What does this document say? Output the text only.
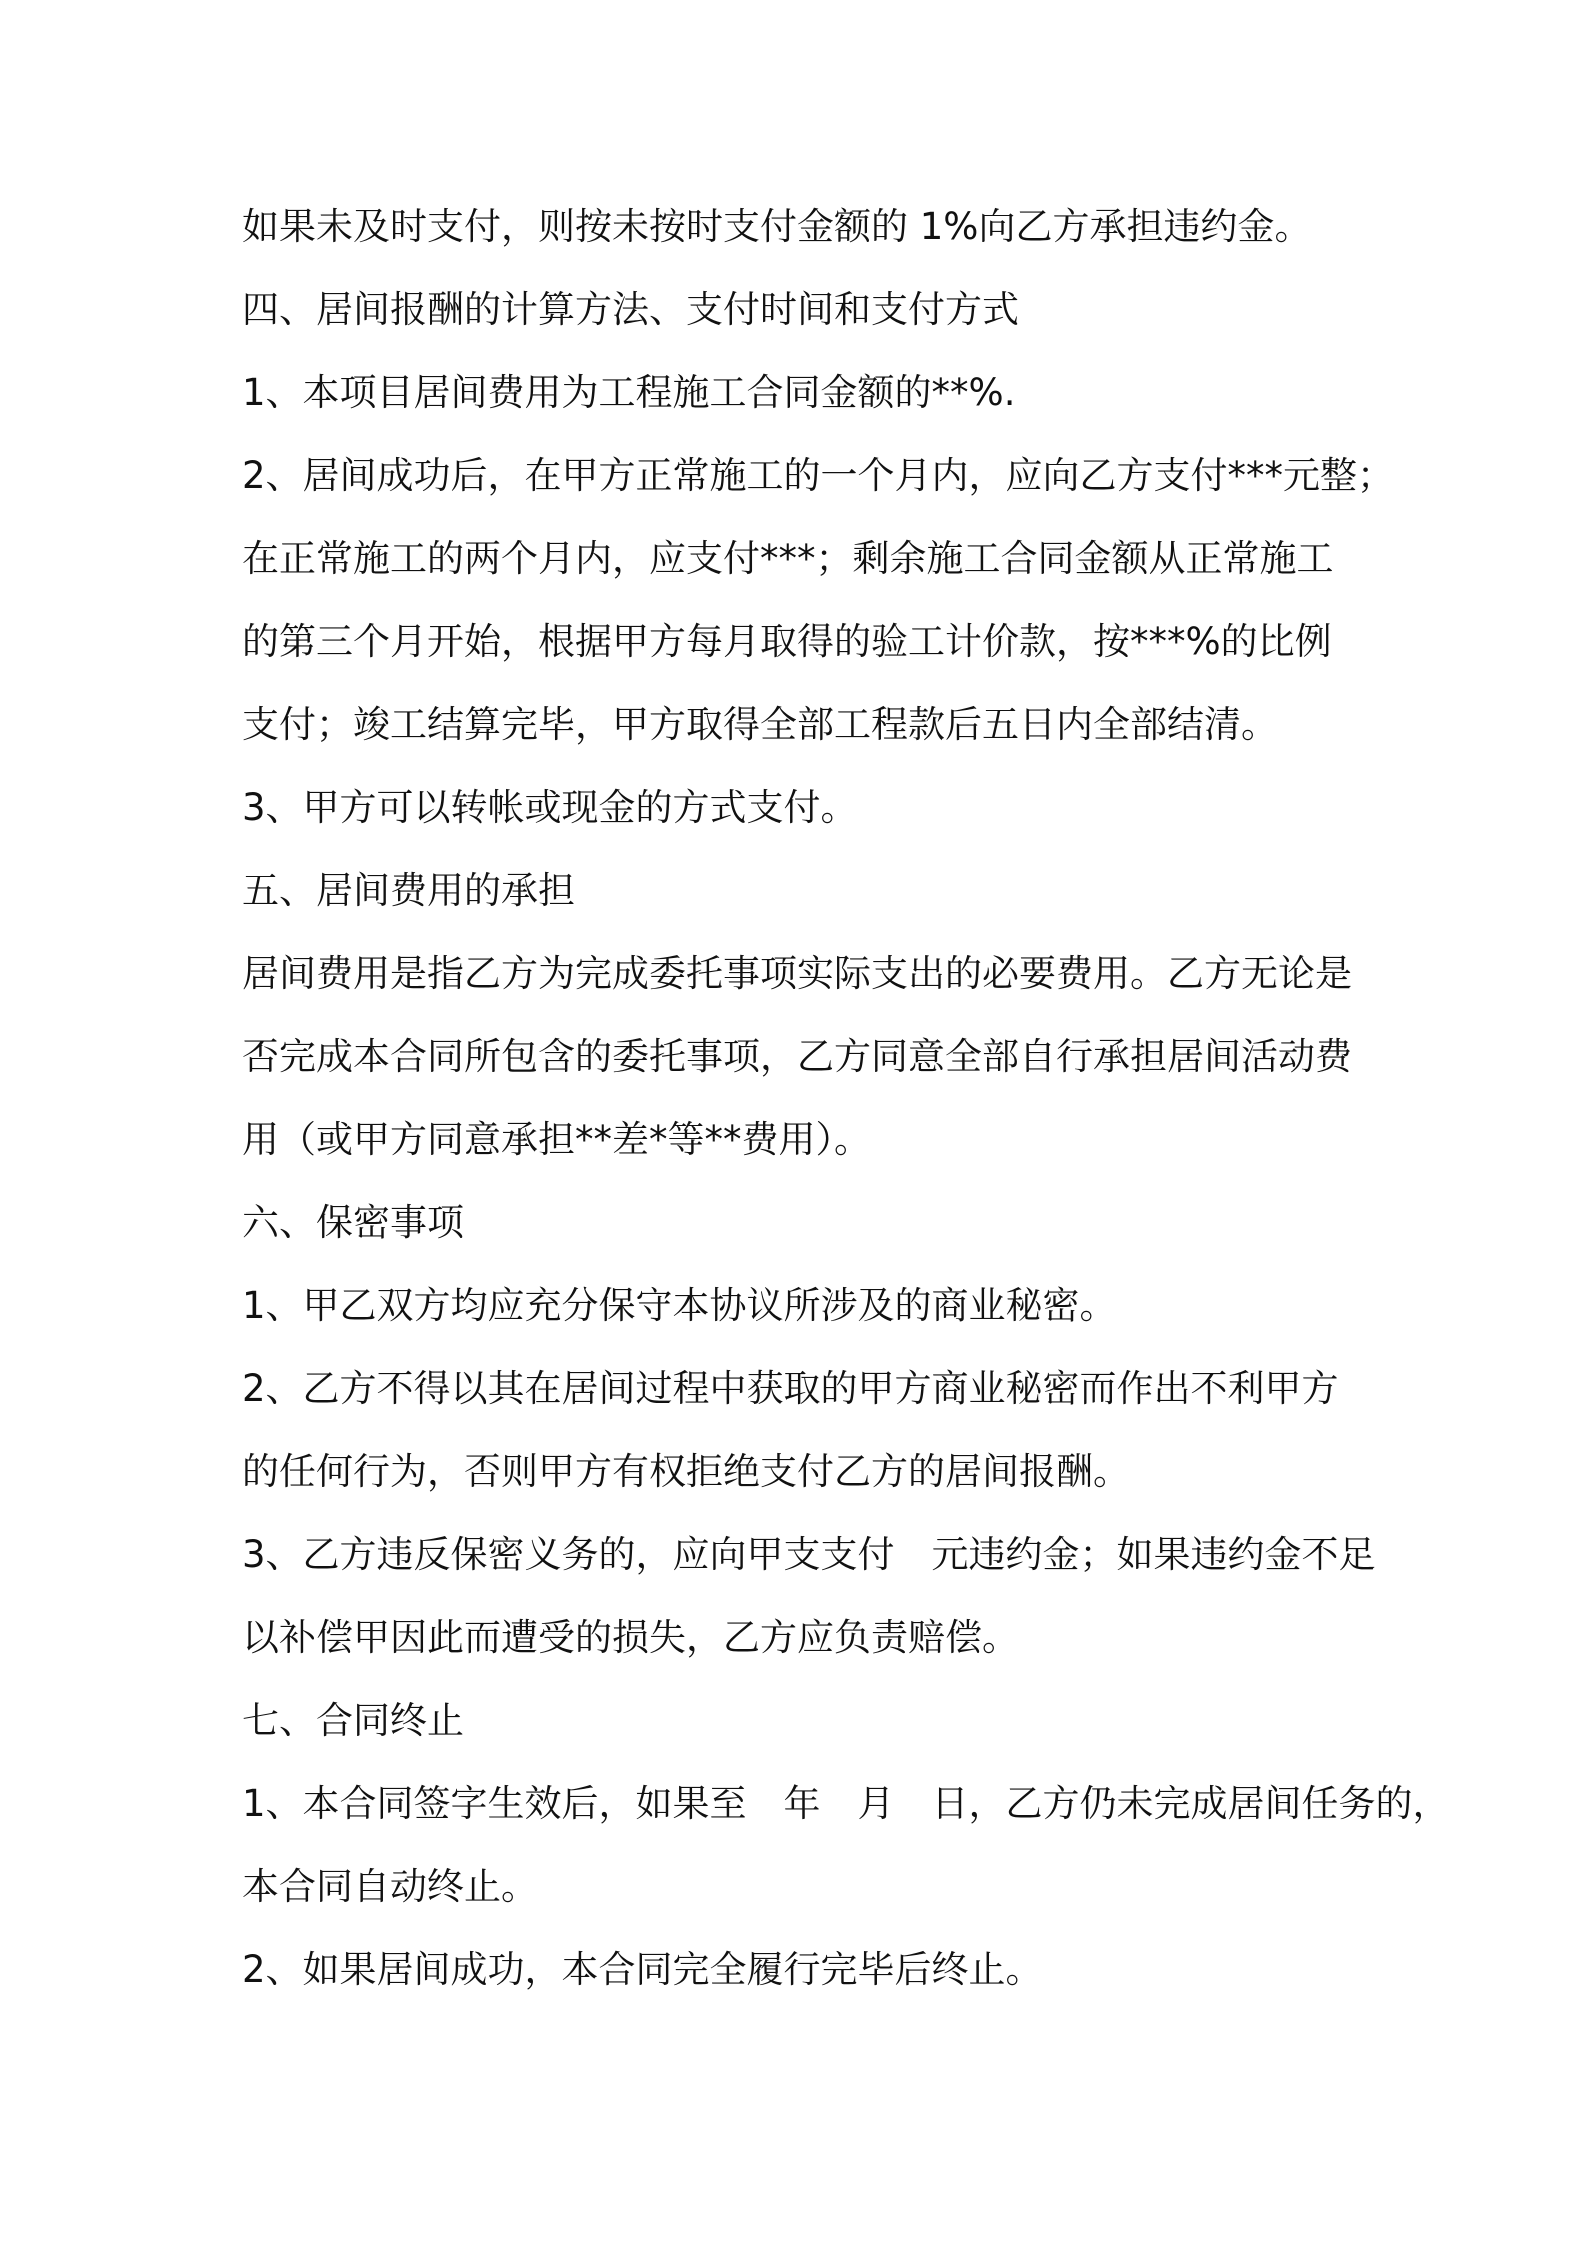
如果未及时支付，则按未按时支付金额的 1%向乙方承担违约金。
四、居间报酬的计算方法、支付时间和支付方式
1、本项目居间费用为工程施工合同金额的**%.
2、居间成功后，在甲方正常施工的一个月内，应向乙方支付***元整；
在正常施工的两个月内，应支付***；剩余施工合同金额从正常施工
的第三个月开始，根据甲方每月取得的验工计价款，按***%的比例
支付；竣工结算完毕，甲方取得全部工程款后五日内全部结清。
3、甲方可以转帐或现金的方式支付。
五、居间费用的承担
居间费用是指乙方为完成委托事项实际支出的必要费用。乙方无论是
否完成本合同所包含的委托事项，乙方同意全部自行承担居间活动费
用（或甲方同意承担**差*等**费用）。
六、保密事项
1、甲乙双方均应充分保守本协议所涉及的商业秘密。
2、乙方不得以其在居间过程中获取的甲方商业秘密而作出不利甲方
的任何行为，否则甲方有权拒绝支付乙方的居间报酬。
3、乙方违反保密义务的，应向甲支支付　元违约金；如果违约金不足
以补偿甲因此而遭受的损失，乙方应负责赔偿。
七、合同终止
1、本合同签字生效后，如果至　年　月　日，乙方仍未完成居间任务的，
本合同自动终止。
2、如果居间成功，本合同完全履行完毕后终止。
